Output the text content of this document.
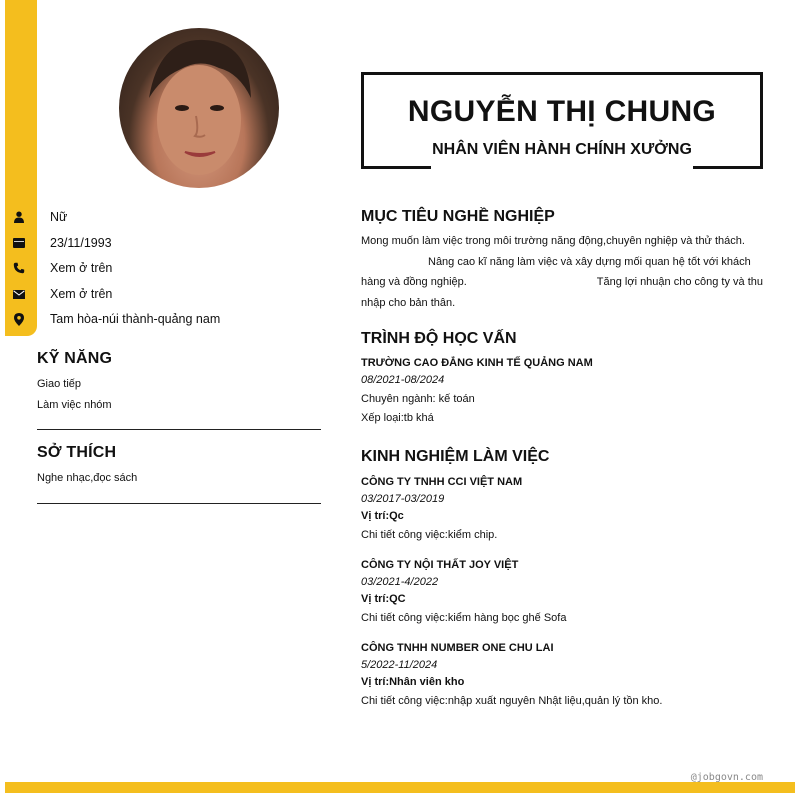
Nữ
23/11/1993
Xem ở trên
Xem ở trên
Tam hòa-núi thành-quảng nam
KỸ NĂNG
Giao tiếp
Làm việc nhóm
SỞ THÍCH
Nghe nhạc,đọc sách
NGUYỄN THỊ CHUNG
NHÂN VIÊN HÀNH CHÍNH XƯỞNG
MỤC TIÊU NGHỀ NGHIỆP
Mong muốn làm việc trong môi trường năng động,chuyên nghiệp và thử thách.
Nâng cao kĩ năng làm việc và xây dựng mối quan hệ tốt với khách
hàng và đồng nghiệp.	Tăng lợi nhuận cho công ty và thu
nhập cho bản thân.
TRÌNH ĐỘ HỌC VẤN
TRƯỜNG CAO ĐẲNG KINH TẾ QUẢNG NAM
08/2021-08/2024
Chuyên ngành: kế toán
Xếp loại:tb khá
KINH NGHIỆM LÀM VIỆC
CÔNG TY TNHH CCI VIỆT NAM
03/2017-03/2019
Vị trí:Qc
Chi tiết công việc:kiểm chip.
CÔNG TY NỘI THẤT JOY VIỆT
03/2021-4/2022
Vị trí:QC
Chi tiết công việc:kiểm hàng bọc ghế Sofa
CÔNG TNHH NUMBER ONE CHU LAI
5/2022-11/2024
Vị trí:Nhân viên kho
Chi tiết công việc:nhập xuất nguyên Nhật liệu,quản lý tồn kho.
@jobgovn.com
